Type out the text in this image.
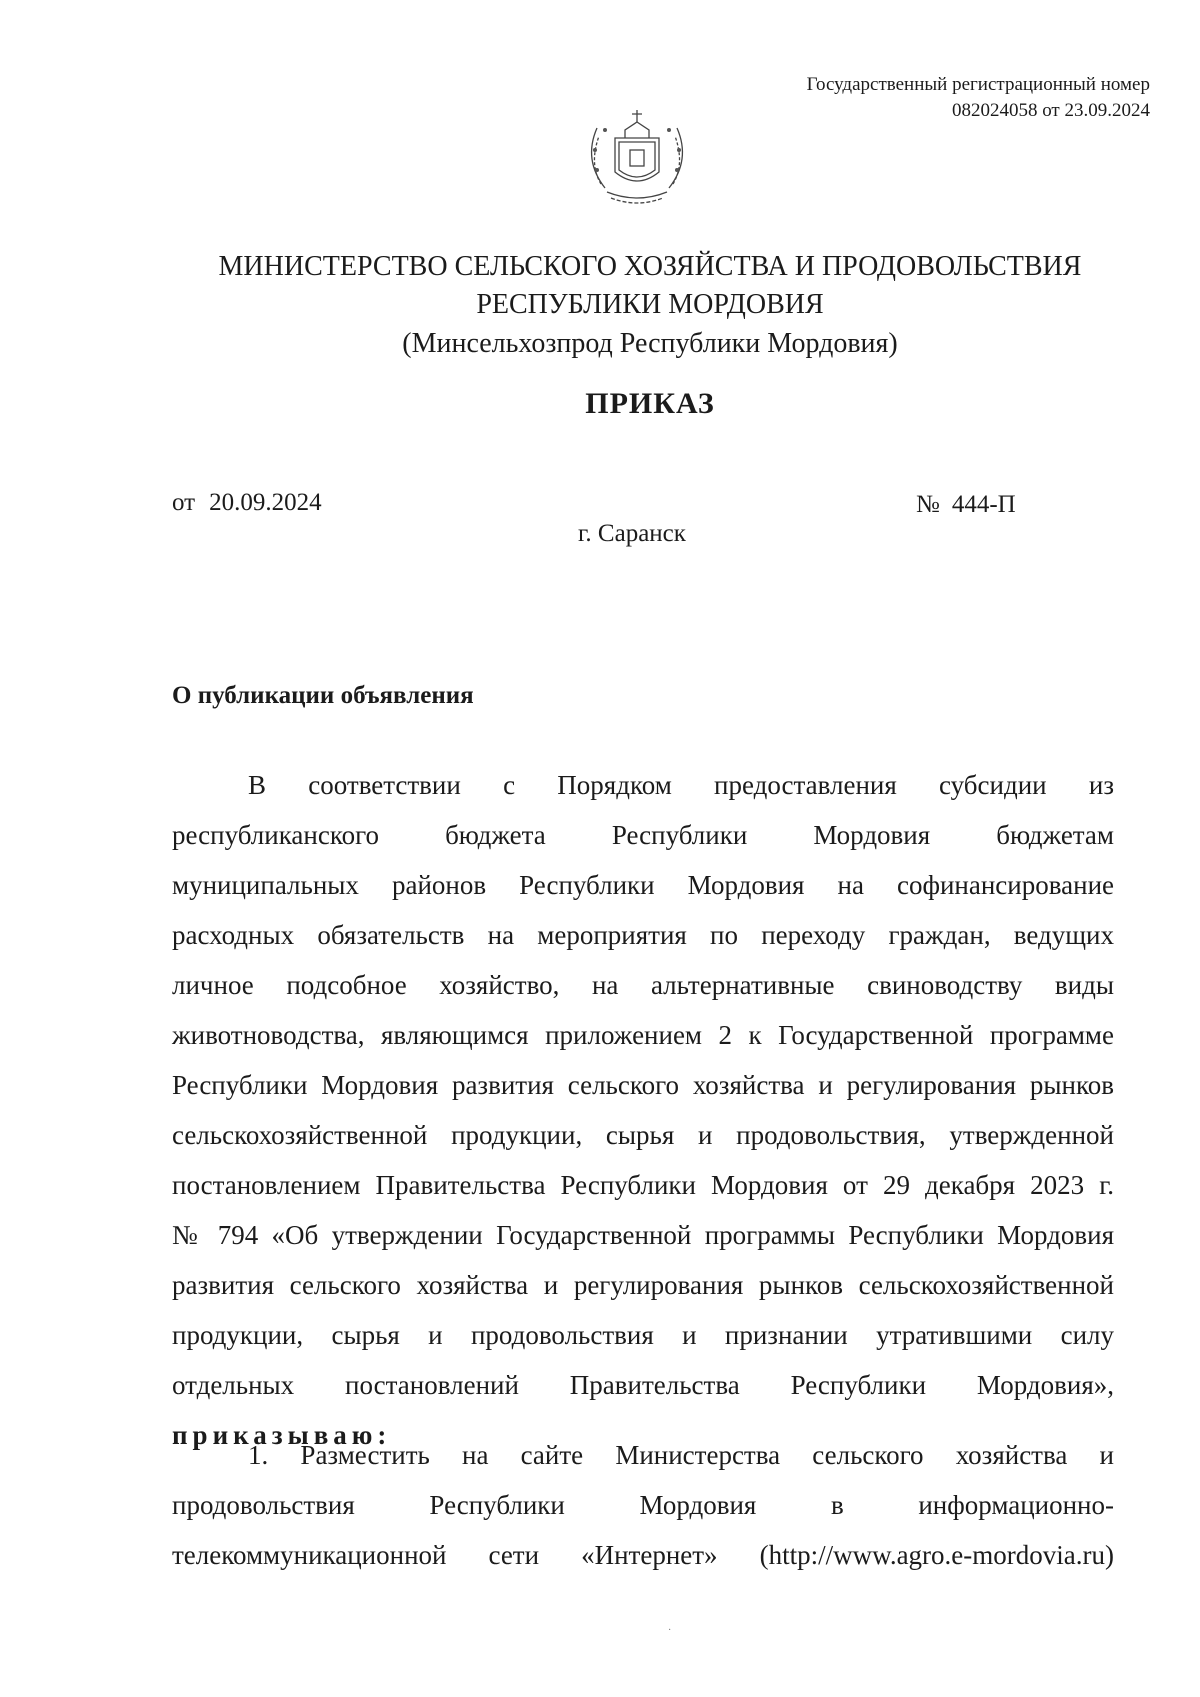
Государственный регистрационный номер
082024058 от 23.09.2024
МИНИСТЕРСТВО СЕЛЬСКОГО ХОЗЯЙСТВА И ПРОДОВОЛЬСТВИЯ
РЕСПУБЛИКИ МОРДОВИЯ
(Минсельхозпрод Республики Мордовия)
ПРИКАЗ
от 20.09.2024
г. Саранск
№ 444-П
О публикации объявления
В соответствии с Порядком предоставления субсидии из
республиканского бюджета Республики Мордовия бюджетам
муниципальных районов Республики Мордовия на софинансирование
расходных обязательств на мероприятия по переходу граждан, ведущих
личное подсобное хозяйство, на альтернативные свиноводству виды
животноводства, являющимся приложением 2 к Государственной программе
Республики Мордовия развития сельского хозяйства и регулирования рынков
сельскохозяйственной продукции, сырья и продовольствия, утвержденной
постановлением Правительства Республики Мордовия от 29 декабря 2023 г.
№ 794 «Об утверждении Государственной программы Республики Мордовия
развития сельского хозяйства и регулирования рынков сельскохозяйственной
продукции, сырья и продовольствия и признании утратившими силу
отдельных постановлений Правительства Республики Мордовия»,
приказываю:
1. Разместить на сайте Министерства сельского хозяйства и
продовольствия Республики Мордовия в информационно-
телекоммуникационной сети «Интернет» (http://www.agro.e-mordovia.ru)
·
